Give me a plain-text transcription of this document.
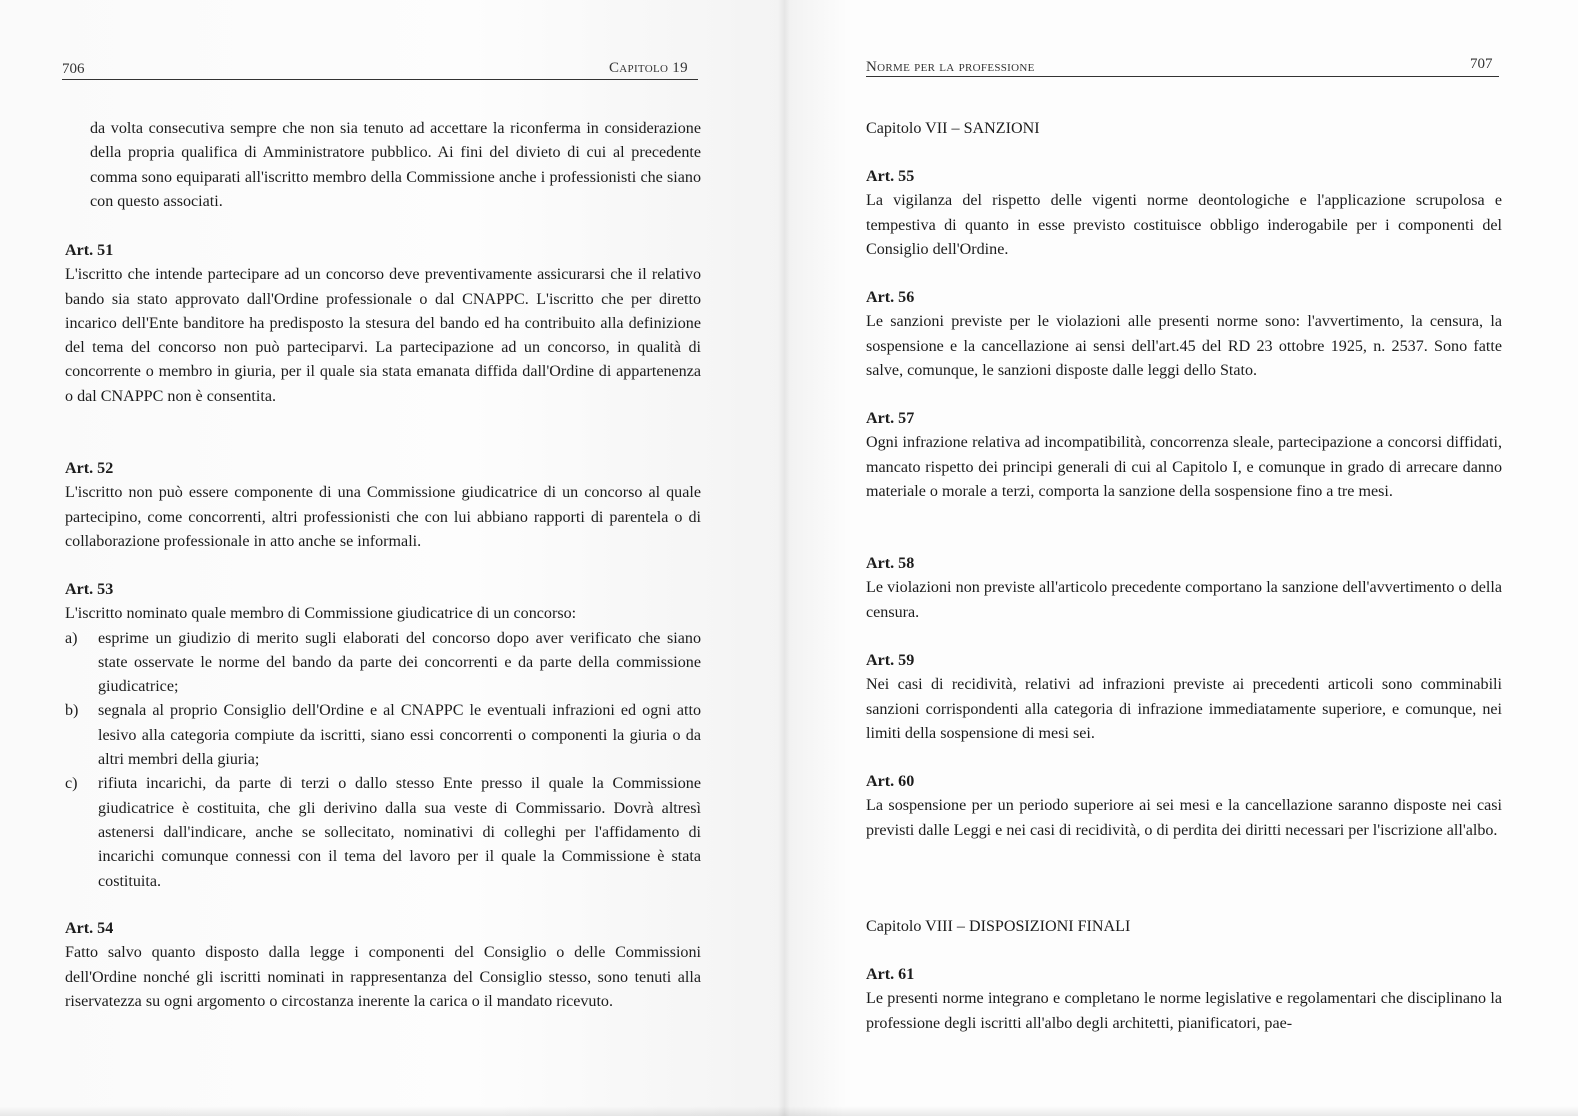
706	Capitolo 19

da volta consecutiva sempre che non sia tenuto ad accettare la riconferma in considerazione della propria qualifica di Amministratore pubblico. Ai fini del divieto di cui al precedente comma sono equiparati all'iscritto membro della Commissione anche i professionisti che siano con questo associati.

Art. 51

L'iscritto che intende partecipare ad un concorso deve preventivamente assicurarsi che il relativo bando sia stato approvato dall'Ordine professionale o dal CNAPPC. L'iscritto che per diretto incarico dell'Ente banditore ha predisposto la stesura del bando ed ha contribuito alla definizione del tema del concorso non può parteciparvi. La partecipazione ad un concorso, in qualità di concorrente o membro in giuria, per il quale sia stata emanata diffida dall'Ordine di appartenenza o dal CNAPPC non è consentita.

Art. 52

L'iscritto non può essere componente di una Commissione giudicatrice di un concorso al quale partecipino, come concorrenti, altri professionisti che con lui abbiano rapporti di parentela o di collaborazione professionale in atto anche se informali.

Art. 53

L'iscritto nominato quale membro di Commissione giudicatrice di un concorso:

a) esprime un giudizio di merito sugli elaborati del concorso dopo aver verificato che siano state osservate le norme del bando da parte dei concorrenti e da parte della commissione giudicatrice;
b) segnala al proprio Consiglio dell'Ordine e al CNAPPC le eventuali infrazioni ed ogni atto lesivo alla categoria compiute da iscritti, siano essi concorrenti o componenti la giuria o da altri membri della giuria;
c) rifiuta incarichi, da parte di terzi o dallo stesso Ente presso il quale la Commissione giudicatrice è costituita, che gli derivino dalla sua veste di Commissario. Dovrà altresì astenersi dall'indicare, anche se sollecitato, nominativi di colleghi per l'affidamento di incarichi comunque connessi con il tema del lavoro per il quale la Commissione è stata costituita.

Art. 54

Fatto salvo quanto disposto dalla legge i componenti del Consiglio o delle Commissioni dell'Ordine nonché gli iscritti nominati in rappresentanza del Consiglio stesso, sono tenuti alla riservatezza su ogni argomento o circostanza inerente la carica o il mandato ricevuto.

Norme per la professione	707

Capitolo VII – SANZIONI

Art. 55

La vigilanza del rispetto delle vigenti norme deontologiche e l'applicazione scrupolosa e tempestiva di quanto in esse previsto costituisce obbligo inderogabile per i componenti del Consiglio dell'Ordine.

Art. 56

Le sanzioni previste per le violazioni alle presenti norme sono: l'avvertimento, la censura, la sospensione e la cancellazione ai sensi dell'art.45 del RD 23 ottobre 1925, n. 2537. Sono fatte salve, comunque, le sanzioni disposte dalle leggi dello Stato.

Art. 57

Ogni infrazione relativa ad incompatibilità, concorrenza sleale, partecipazione a concorsi diffidati, mancato rispetto dei principi generali di cui al Capitolo I, e comunque in grado di arrecare danno materiale o morale a terzi, comporta la sanzione della sospensione fino a tre mesi.

Art. 58

Le violazioni non previste all'articolo precedente comportano la sanzione dell'avvertimento o della censura.

Art. 59

Nei casi di recidività, relativi ad infrazioni previste ai precedenti articoli sono comminabili sanzioni corrispondenti alla categoria di infrazione immediatamente superiore, e comunque, nei limiti della sospensione di mesi sei.

Art. 60

La sospensione per un periodo superiore ai sei mesi e la cancellazione saranno disposte nei casi previsti dalle Leggi e nei casi di recidività, o di perdita dei diritti necessari per l'iscrizione all'albo.

Capitolo VIII – DISPOSIZIONI FINALI

Art. 61

Le presenti norme integrano e completano le norme legislative e regolamentari che disciplinano la professione degli iscritti all'albo degli architetti, pianificatori, pae-
